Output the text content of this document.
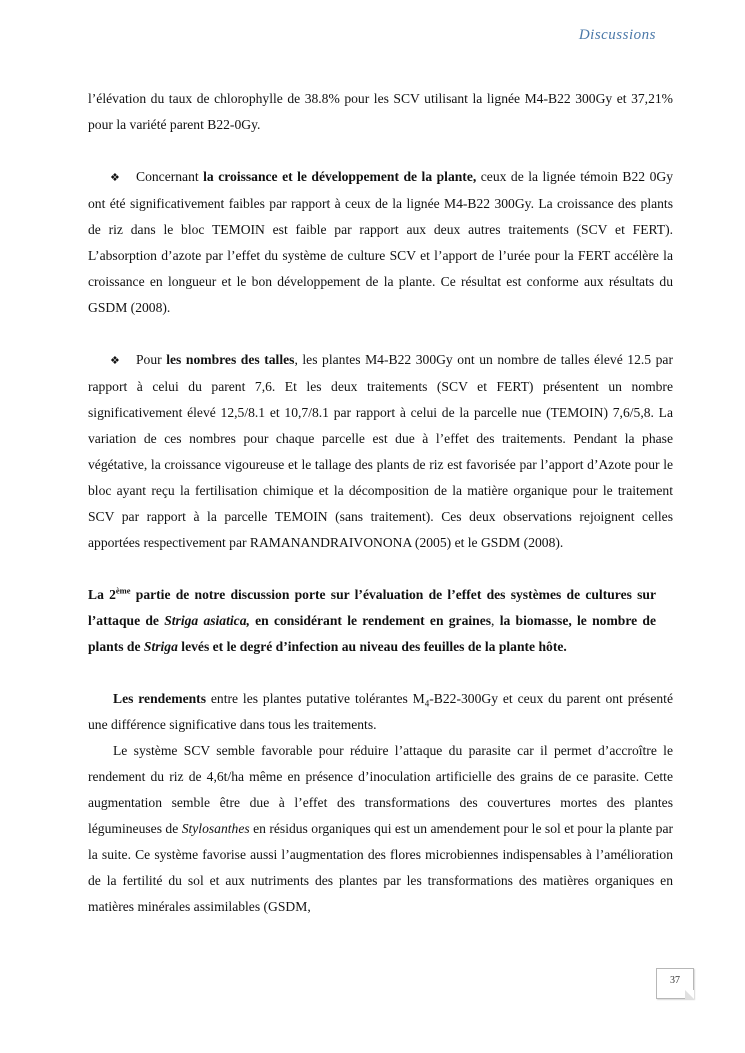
Discussions

l’élévation du taux de chlorophylle de 38.8% pour les SCV utilisant la lignée M4-B22 300Gy et 37,21% pour la variété parent B22-0Gy.

❖ Concernant la croissance et le développement de la plante, ceux de la lignée témoin B22 0Gy ont été significativement faibles par rapport à ceux de la lignée M4-B22 300Gy. La croissance des plants de riz dans le bloc TEMOIN est faible par rapport aux deux autres traitements (SCV et FERT). L’absorption d’azote par l’effet du système de culture SCV et l’apport de l’urée pour la FERT accélère la croissance en longueur et le bon développement de la plante. Ce résultat est conforme aux résultats du GSDM (2008).

❖ Pour les nombres des talles, les plantes M4-B22 300Gy ont un nombre de talles élevé 12.5 par rapport à celui du parent 7,6. Et les deux traitements (SCV et FERT) présentent un nombre significativement élevé 12,5/8.1 et 10,7/8.1 par rapport à celui de la parcelle nue (TEMOIN) 7,6/5,8. La variation de ces nombres pour chaque parcelle est due à l’effet des traitements. Pendant la phase végétative, la croissance vigoureuse et le tallage des plants de riz est favorisée par l’apport d’Azote pour le bloc ayant reçu la fertilisation chimique et la décomposition de la matière organique pour le traitement SCV par rapport à la parcelle TEMOIN (sans traitement). Ces deux observations rejoignent celles apportées respectivement par RAMANANDRAIVONONA (2005) et le GSDM (2008).

La 2ème partie de notre discussion porte sur l’évaluation de l’effet des systèmes de cultures sur l’attaque de Striga asiatica, en considérant le rendement en graines, la biomasse, le nombre de plants de Striga levés et le degré d’infection au niveau des feuilles de la plante hôte.

Les rendements entre les plantes putative tolérantes $M_4-B22-300Gy$ et ceux du parent ont présenté une différence significative dans tous les traitements.

Le système SCV semble favorable pour réduire l’attaque du parasite car il permet d’accroître le rendement du riz de 4,6t/ha même en présence d’inoculation artificielle des grains de ce parasite. Cette augmentation semble être due à l’effet des transformations des couvertures mortes des plantes légumineuses de Stylosanthes en résidus organiques qui est un amendement pour le sol et pour la plante par la suite. Ce système favorise aussi l’augmentation des flores microbiennes indispensables à l’amélioration de la fertilité du sol et aux nutriments des plantes par les transformations des matières organiques en matières minérales assimilables (GSDM,

37
